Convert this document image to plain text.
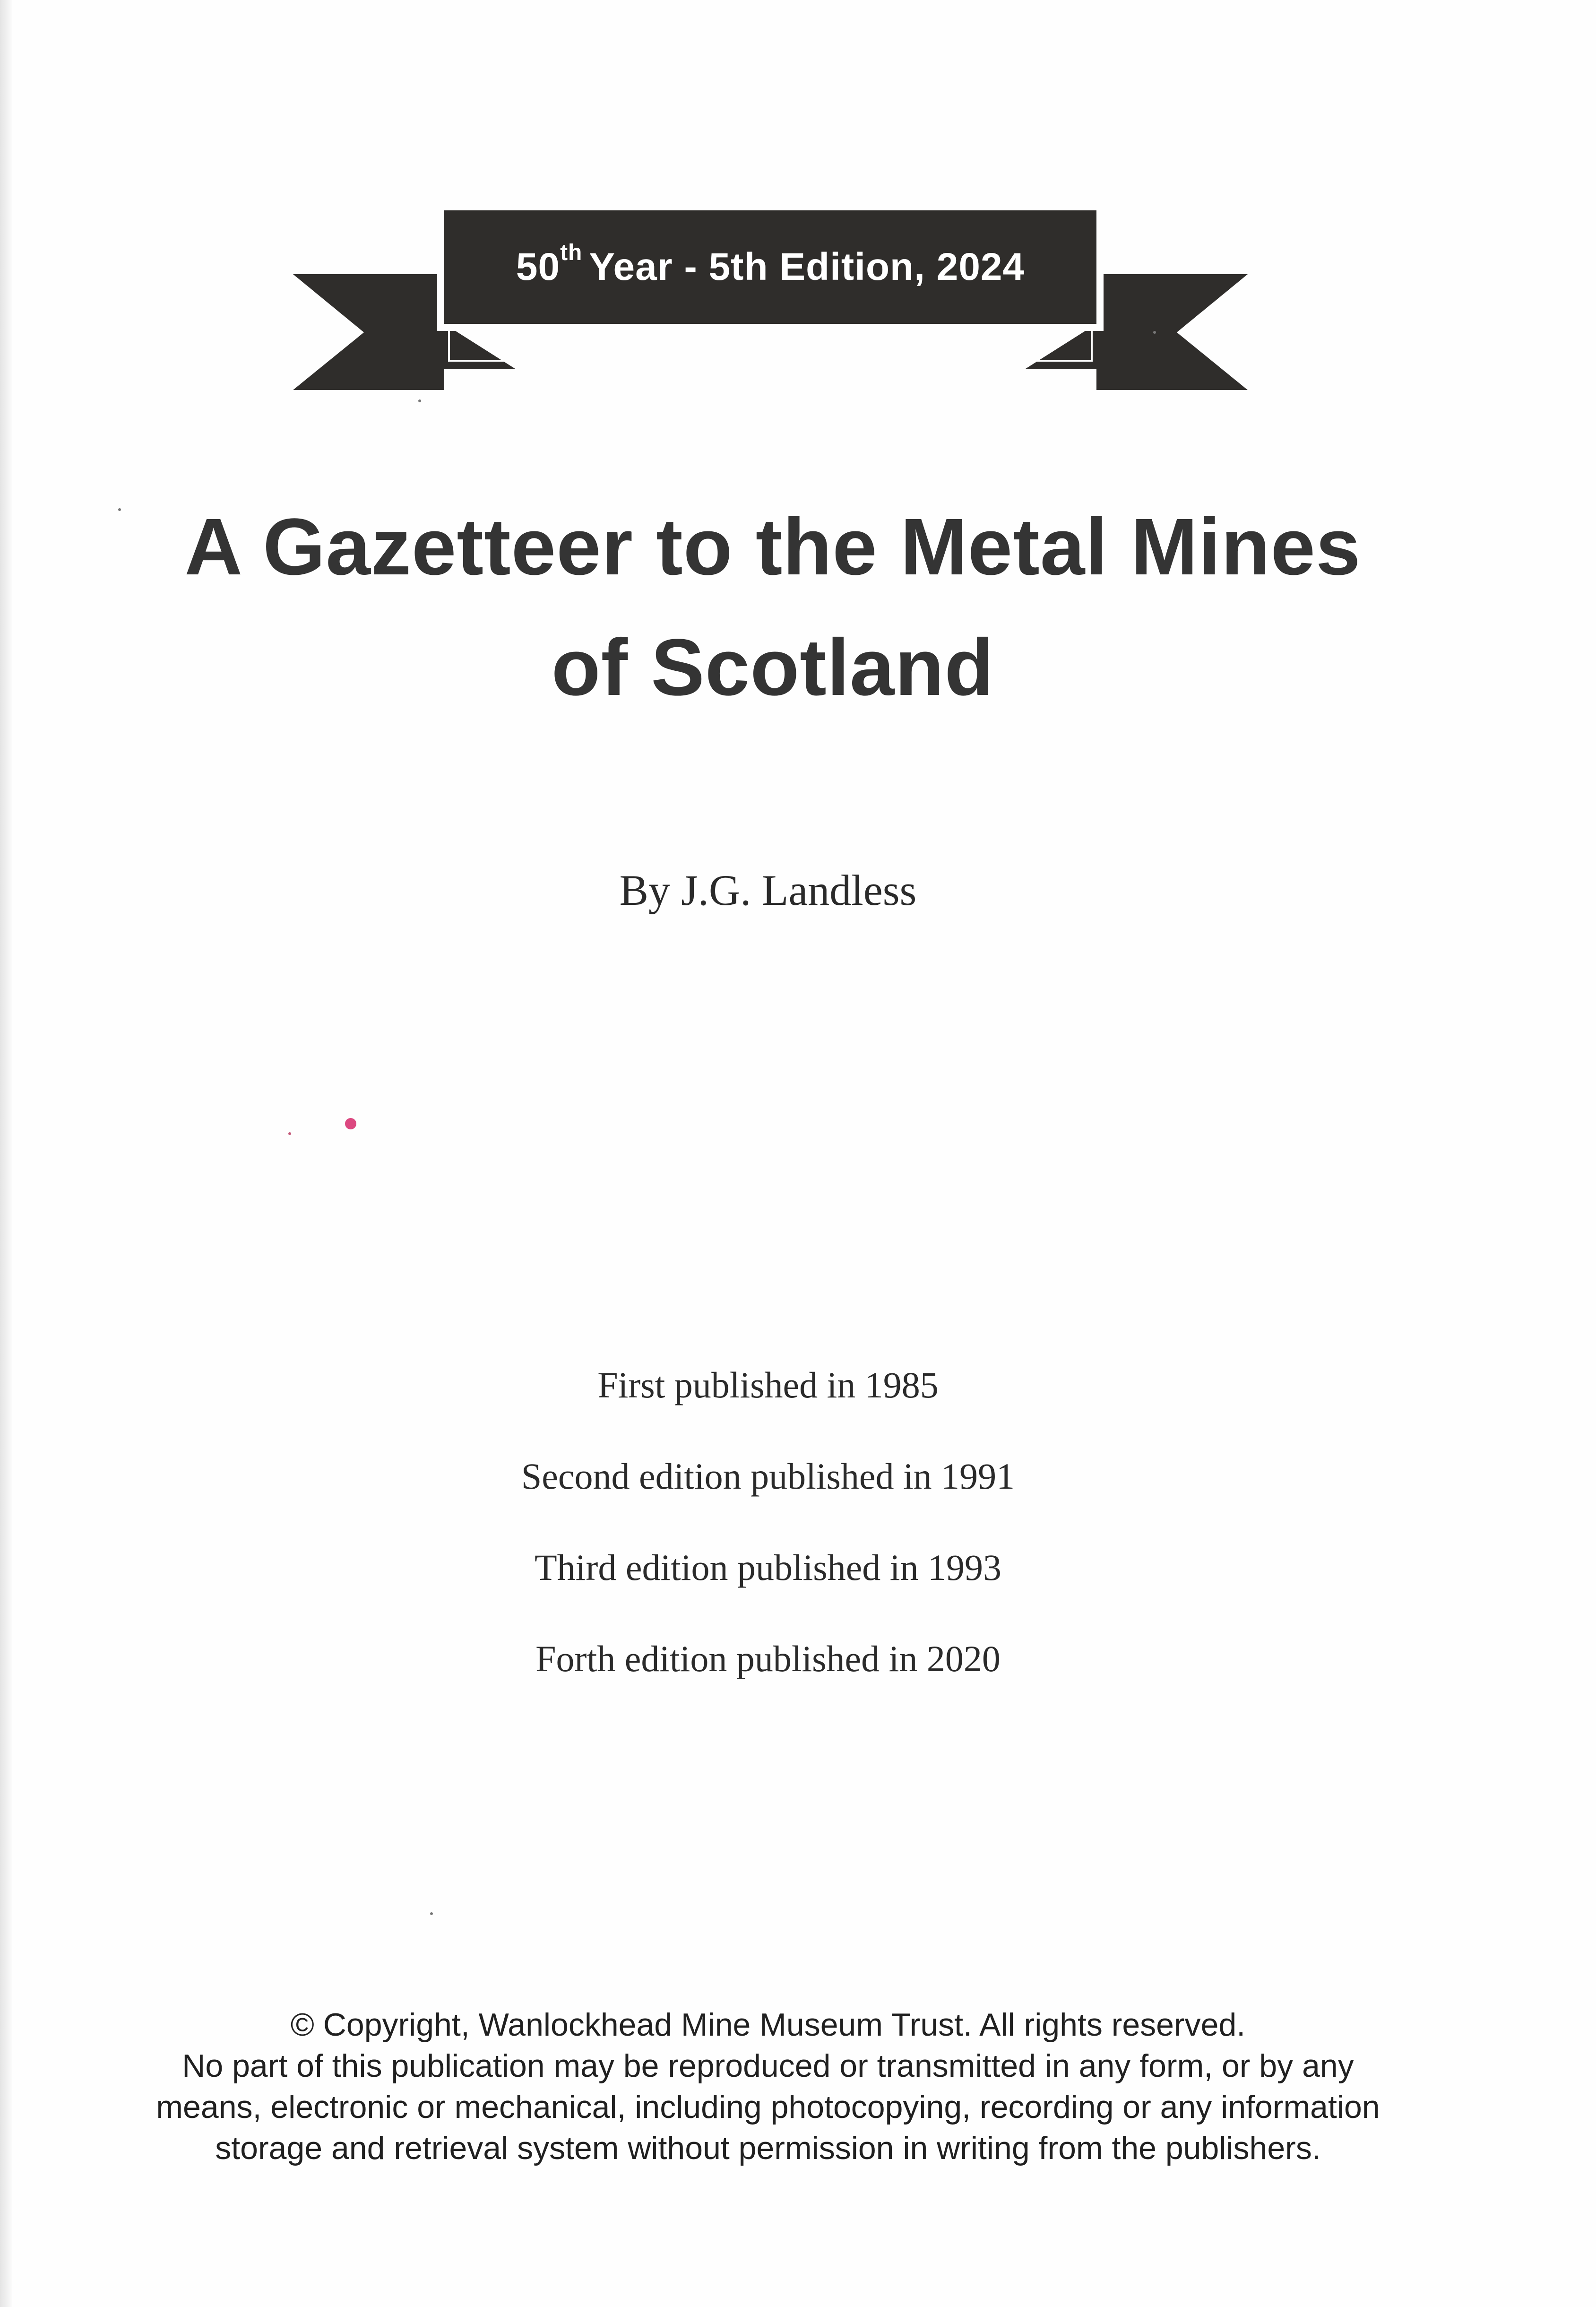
50th Year - 5th Edition, 2024
A Gazetteer to the Metal Mines
of Scotland
By J.G. Landless
First published in 1985
Second edition published in 1991
Third edition published in 1993
Forth edition published in 2020

© Copyright, Wanlockhead Mine Museum Trust. All rights reserved.

No part of this publication may be reproduced or transmitted in any form, or by any

means, electronic or mechanical, including photocopying, recording or any information

storage and retrieval system without permission in writing from the publishers.
